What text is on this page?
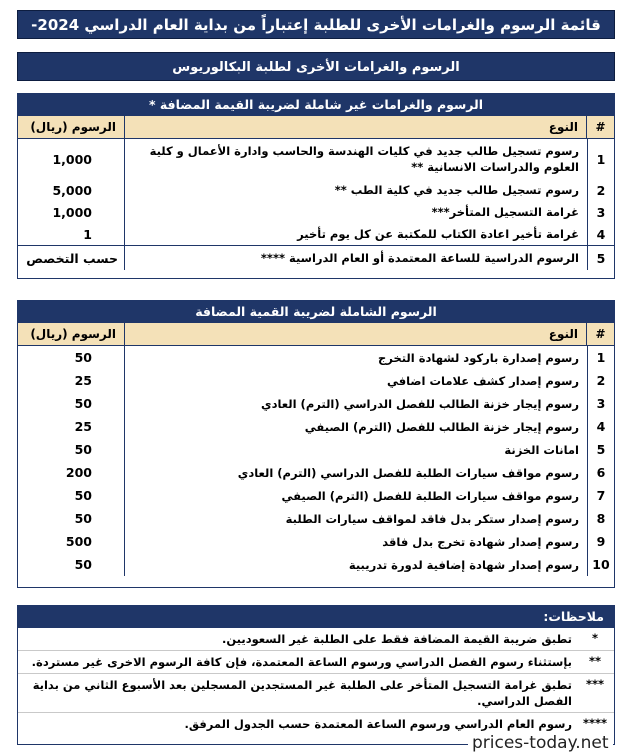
قائمة الرسوم والغرامات الأخرى للطلبة إعتباراً من بداية العام الدراسي 2024-
الرسوم والغرامات الأخرى لطلبة البكالوريوس
الرسوم والغرامات غير شاملة لضريبة القيمة المضافة *
#
النوع
الرسوم (ريال)
1
رسوم تسجيل طالب جديد في كليات الهندسة والحاسب وادارة الأعمال و كلية العلوم والدراسات الانسانية **
1,000
2
رسوم تسجيل طالب جديد في كلية الطب **
5,000
3
غرامة التسجيل المتأخر***
1,000
4
غرامة تأخير اعادة الكتاب للمكتبة عن كل يوم تأخير
1
5
الرسوم الدراسية للساعة المعتمدة أو العام الدراسية ****
حسب التخصص
الرسوم الشاملة لضريبة القمية المضافة
#
النوع
الرسوم (ريال)
1
رسوم إصدارة باركود لشهادة التخرج
50
2
رسوم إصدار كشف علامات اضافي
25
3
رسوم إيجار خزنة الطالب للفصل الدراسي (الترم) العادي
50
4
رسوم إيجار خزنة الطالب للفصل (الترم) الصيفي
25
5
امانات الخزنة
50
6
رسوم مواقف سيارات الطلبة للفصل الدراسي (الترم) العادي
200
7
رسوم مواقف سيارات الطلبة للفصل (الترم) الصيفي
50
8
رسوم إصدار ستكر بدل فاقد لمواقف سيارات الطلبة
50
9
رسوم إصدار شهادة تخرج بدل فاقد
500
10
رسوم إصدار شهادة إضافية لدورة تدريبية
50
ملاحظات:
*
تطبق ضريبة القيمة المضافة فقط على الطلبة غير السعوديين.
**
بإستثناء رسوم الفصل الدراسي ورسوم الساعة المعتمدة، فإن كافة الرسوم الاخرى غير مستردة.
***
تطبق غرامة التسجيل المتأخر على الطلبة غير المستجدين المسجلين بعد الأسبوع الثاني من بداية الفصل الدراسي.
****
رسوم العام الدراسي ورسوم الساعة المعتمدة حسب الجدول المرفق.
prices-today.net
